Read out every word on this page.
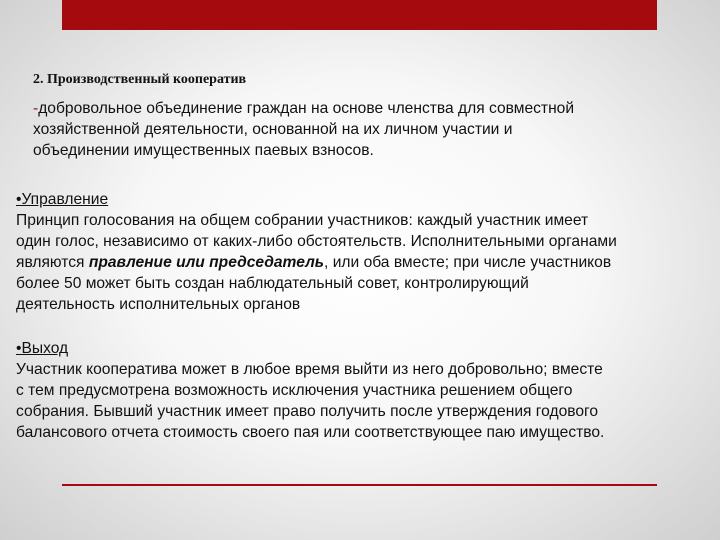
2. Производственный кооператив
-добровольное объединение граждан на основе членства для совместной
хозяйственной деятельности, основанной на их личном участии и
объединении имущественных паевых взносов.
•Управление
Принцип голосования на общем собрании участников: каждый участник имеет
один голос, независимо от каких-либо обстоятельств. Исполнительными органами
являются правление или председатель, или оба вместе; при числе участников
более 50 может быть создан наблюдательный совет, контролирующий
деятельность исполнительных органов
•Выход
Участник кооператива может в любое время выйти из него добровольно; вместе
с тем предусмотрена возможность исключения участника решением общего
собрания. Бывший участник имеет право получить после утверждения годового
балансового отчета стоимость своего пая или соответствующее паю имущество.
